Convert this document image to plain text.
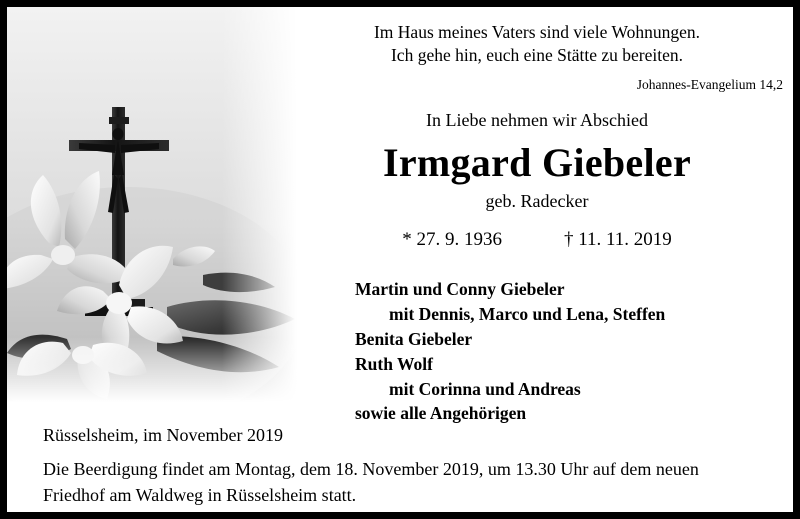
Im Haus meines Vaters sind viele Wohnungen.
Ich gehe hin, euch eine Stätte zu bereiten.
Johannes-Evangelium 14,2
In Liebe nehmen wir Abschied
Irmgard Giebeler
geb. Radecker
* 27. 9. 1936	† 11. 11. 2019
Martin und Conny Giebeler
mit Dennis, Marco und Lena, Steffen
Benita Giebeler
Ruth Wolf
mit Corinna und Andreas
sowie alle Angehörigen
Rüsselsheim, im November 2019
Die Beerdigung findet am Montag, dem 18. November 2019, um 13.30 Uhr auf dem neuen
Friedhof am Waldweg in Rüsselsheim statt.
